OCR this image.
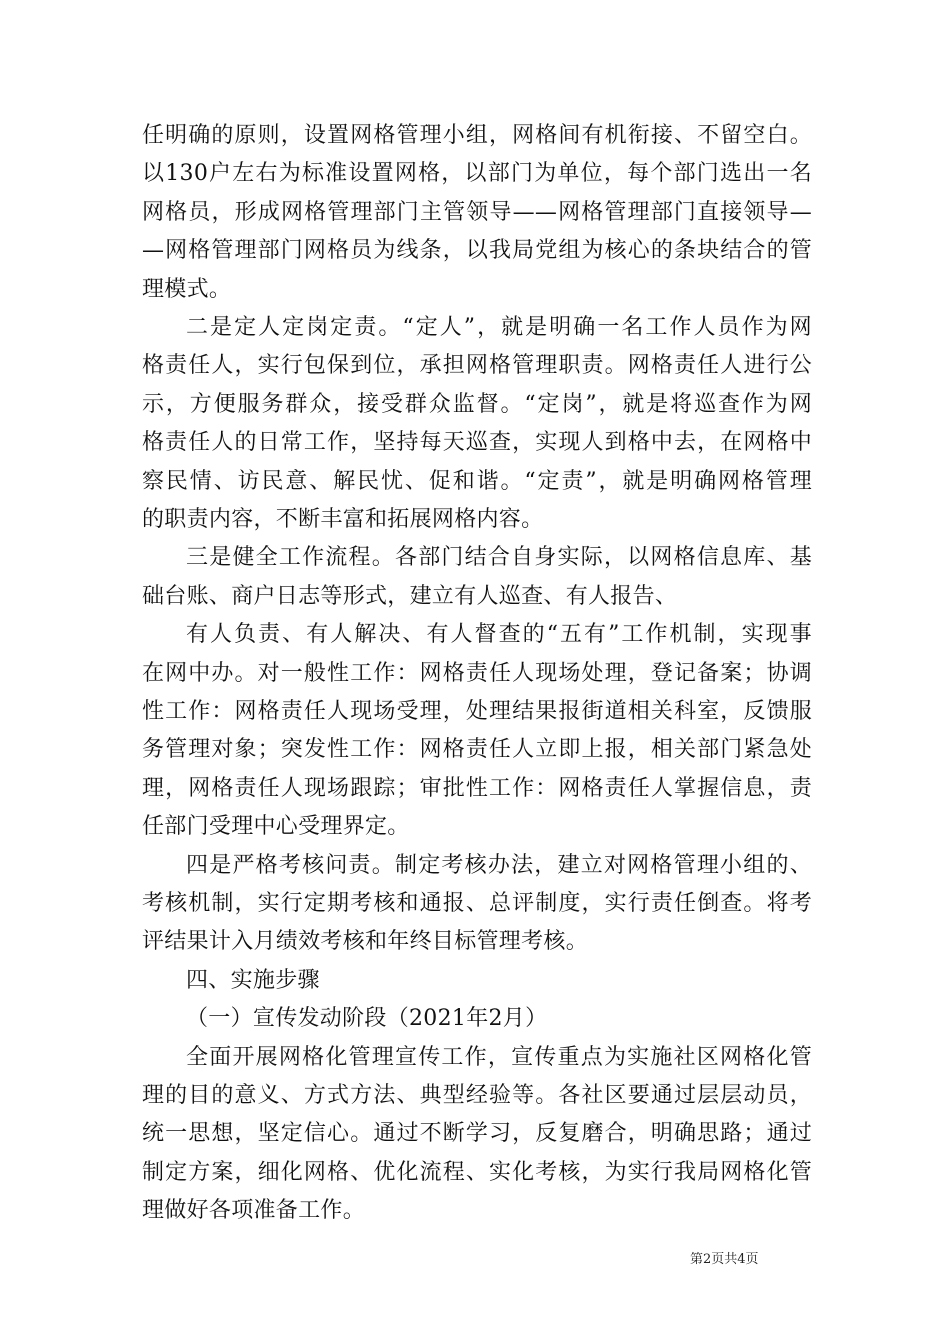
任明确的原则，设置网格管理小组，网格间有机衔接、不留空白。
以130户左右为标准设置网格，以部门为单位，每个部门选出一名
网格员，形成网格管理部门主管领导——网格管理部门直接领导—
—网格管理部门网格员为线条，以我局党组为核心的条块结合的管
理模式。
二是定人定岗定责。“定人”，就是明确一名工作人员作为网
格责任人，实行包保到位，承担网格管理职责。网格责任人进行公
示，方便服务群众，接受群众监督。“定岗”，就是将巡查作为网
格责任人的日常工作，坚持每天巡查，实现人到格中去，在网格中
察民情、访民意、解民忧、促和谐。“定责”，就是明确网格管理
的职责内容，不断丰富和拓展网格内容。
三是健全工作流程。各部门结合自身实际，以网格信息库、基
础台账、商户日志等形式，建立有人巡查、有人报告、
有人负责、有人解决、有人督查的“五有”工作机制，实现事
在网中办。对一般性工作：网格责任人现场处理，登记备案；协调
性工作：网格责任人现场受理，处理结果报街道相关科室，反馈服
务管理对象；突发性工作：网格责任人立即上报，相关部门紧急处
理，网格责任人现场跟踪；审批性工作：网格责任人掌握信息，责
任部门受理中心受理界定。
四是严格考核问责。制定考核办法，建立对网格管理小组的、
考核机制，实行定期考核和通报、总评制度，实行责任倒查。将考
评结果计入月绩效考核和年终目标管理考核。
四、实施步骤
（一）宣传发动阶段（2021年2月）
全面开展网格化管理宣传工作，宣传重点为实施社区网格化管
理的目的意义、方式方法、典型经验等。各社区要通过层层动员，
统一思想，坚定信心。通过不断学习，反复磨合，明确思路；通过
制定方案，细化网格、优化流程、实化考核，为实行我局网格化管
理做好各项准备工作。
第2页共4页
